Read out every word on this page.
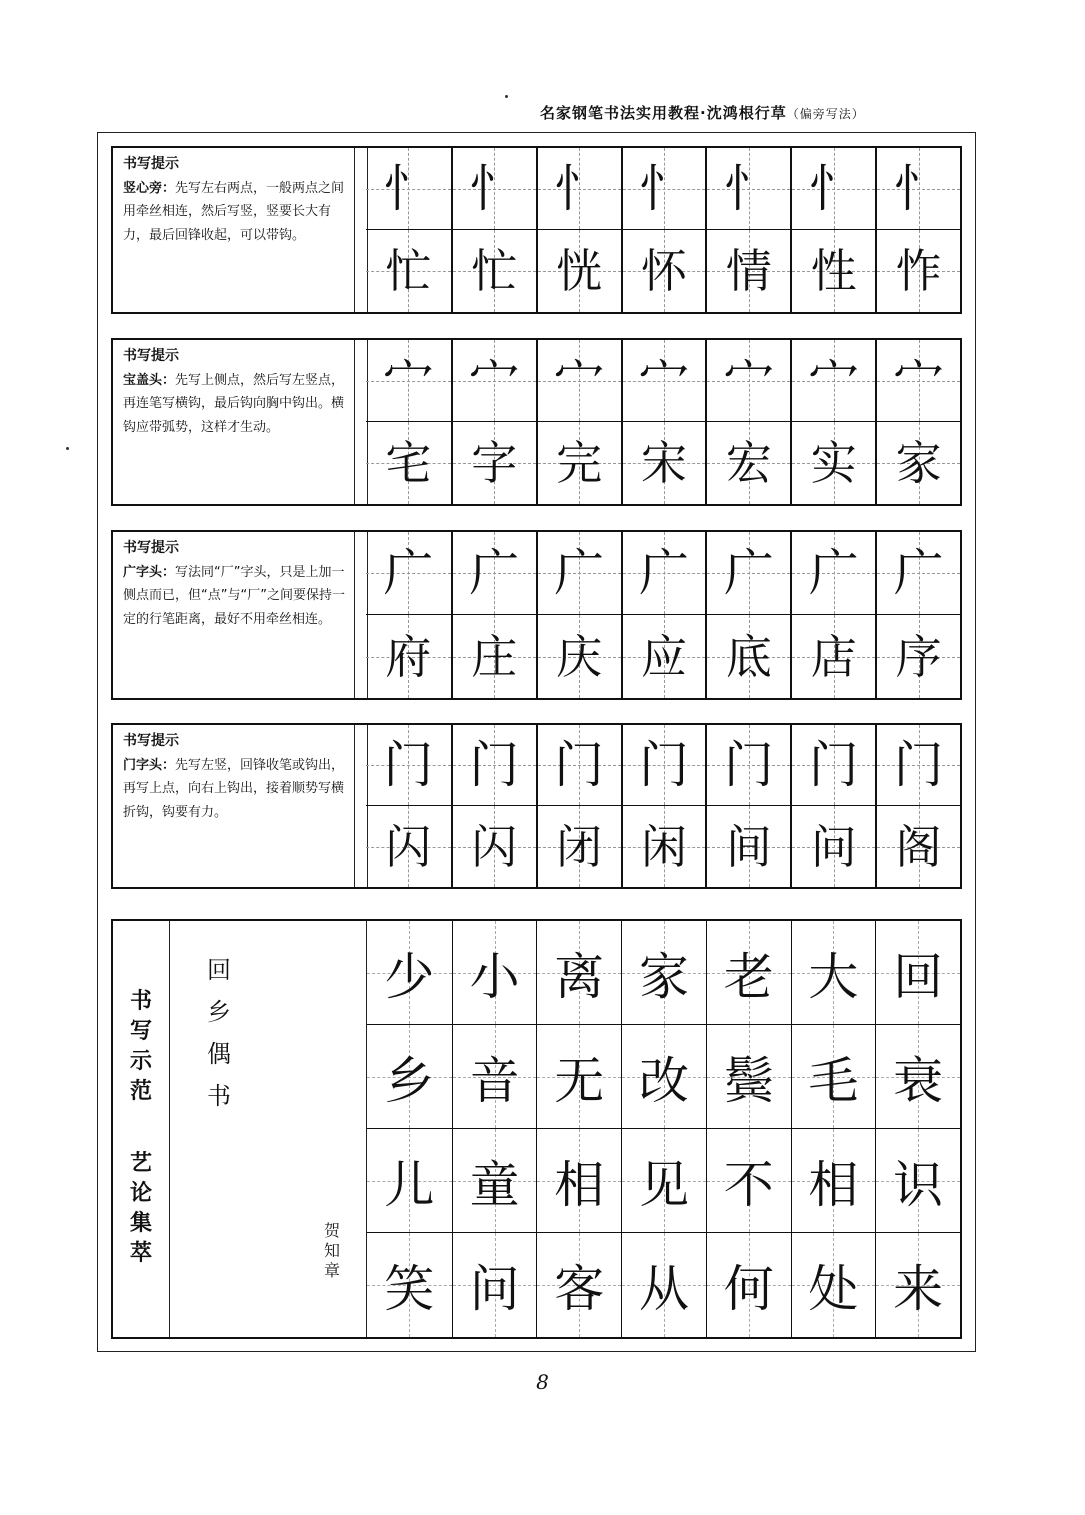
名家钢笔书法实用教程·沈鸿根行草（偏旁写法）
书写提示
竖心旁：先写左右两点，一般两点之间用牵丝相连，然后写竖，竖要长大有力，最后回锋收起，可以带钩。
忄 忄 忄 忄 忄 忄 忄
忙 忙 恍 怀 情 性 怍
书写提示
宝盖头：先写上侧点，然后写左竖点，再连笔写横钩，最后钩向胸中钩出。横钩应带弧势，这样才生动。
宀 宀 宀 宀 宀 宀 宀
宅 字 完 宋 宏 实 家
书写提示
广字头：写法同“厂”字头，只是上加一侧点而已，但“点”与“厂”之间要保持一定的行笔距离，最好不用牵丝相连。
广 广 广 广 广 广 广
府 庄 庆 应 底 店 序
书写提示
门字头：先写左竖，回锋收笔或钩出，再写上点，向右上钩出，接着顺势写横折钩，钩要有力。
门 门 门 门 门 门 门
闪 闪 闭 闲 间 问 阁
书
写
示
范
艺
论
集
萃
回
乡
偶
书
贺
知
章
少 小 离 家 老 大 回
乡 音 无 改 鬓 毛 衰
儿 童 相 见 不 相 识
笑 问 客 从 何 处 来
8
